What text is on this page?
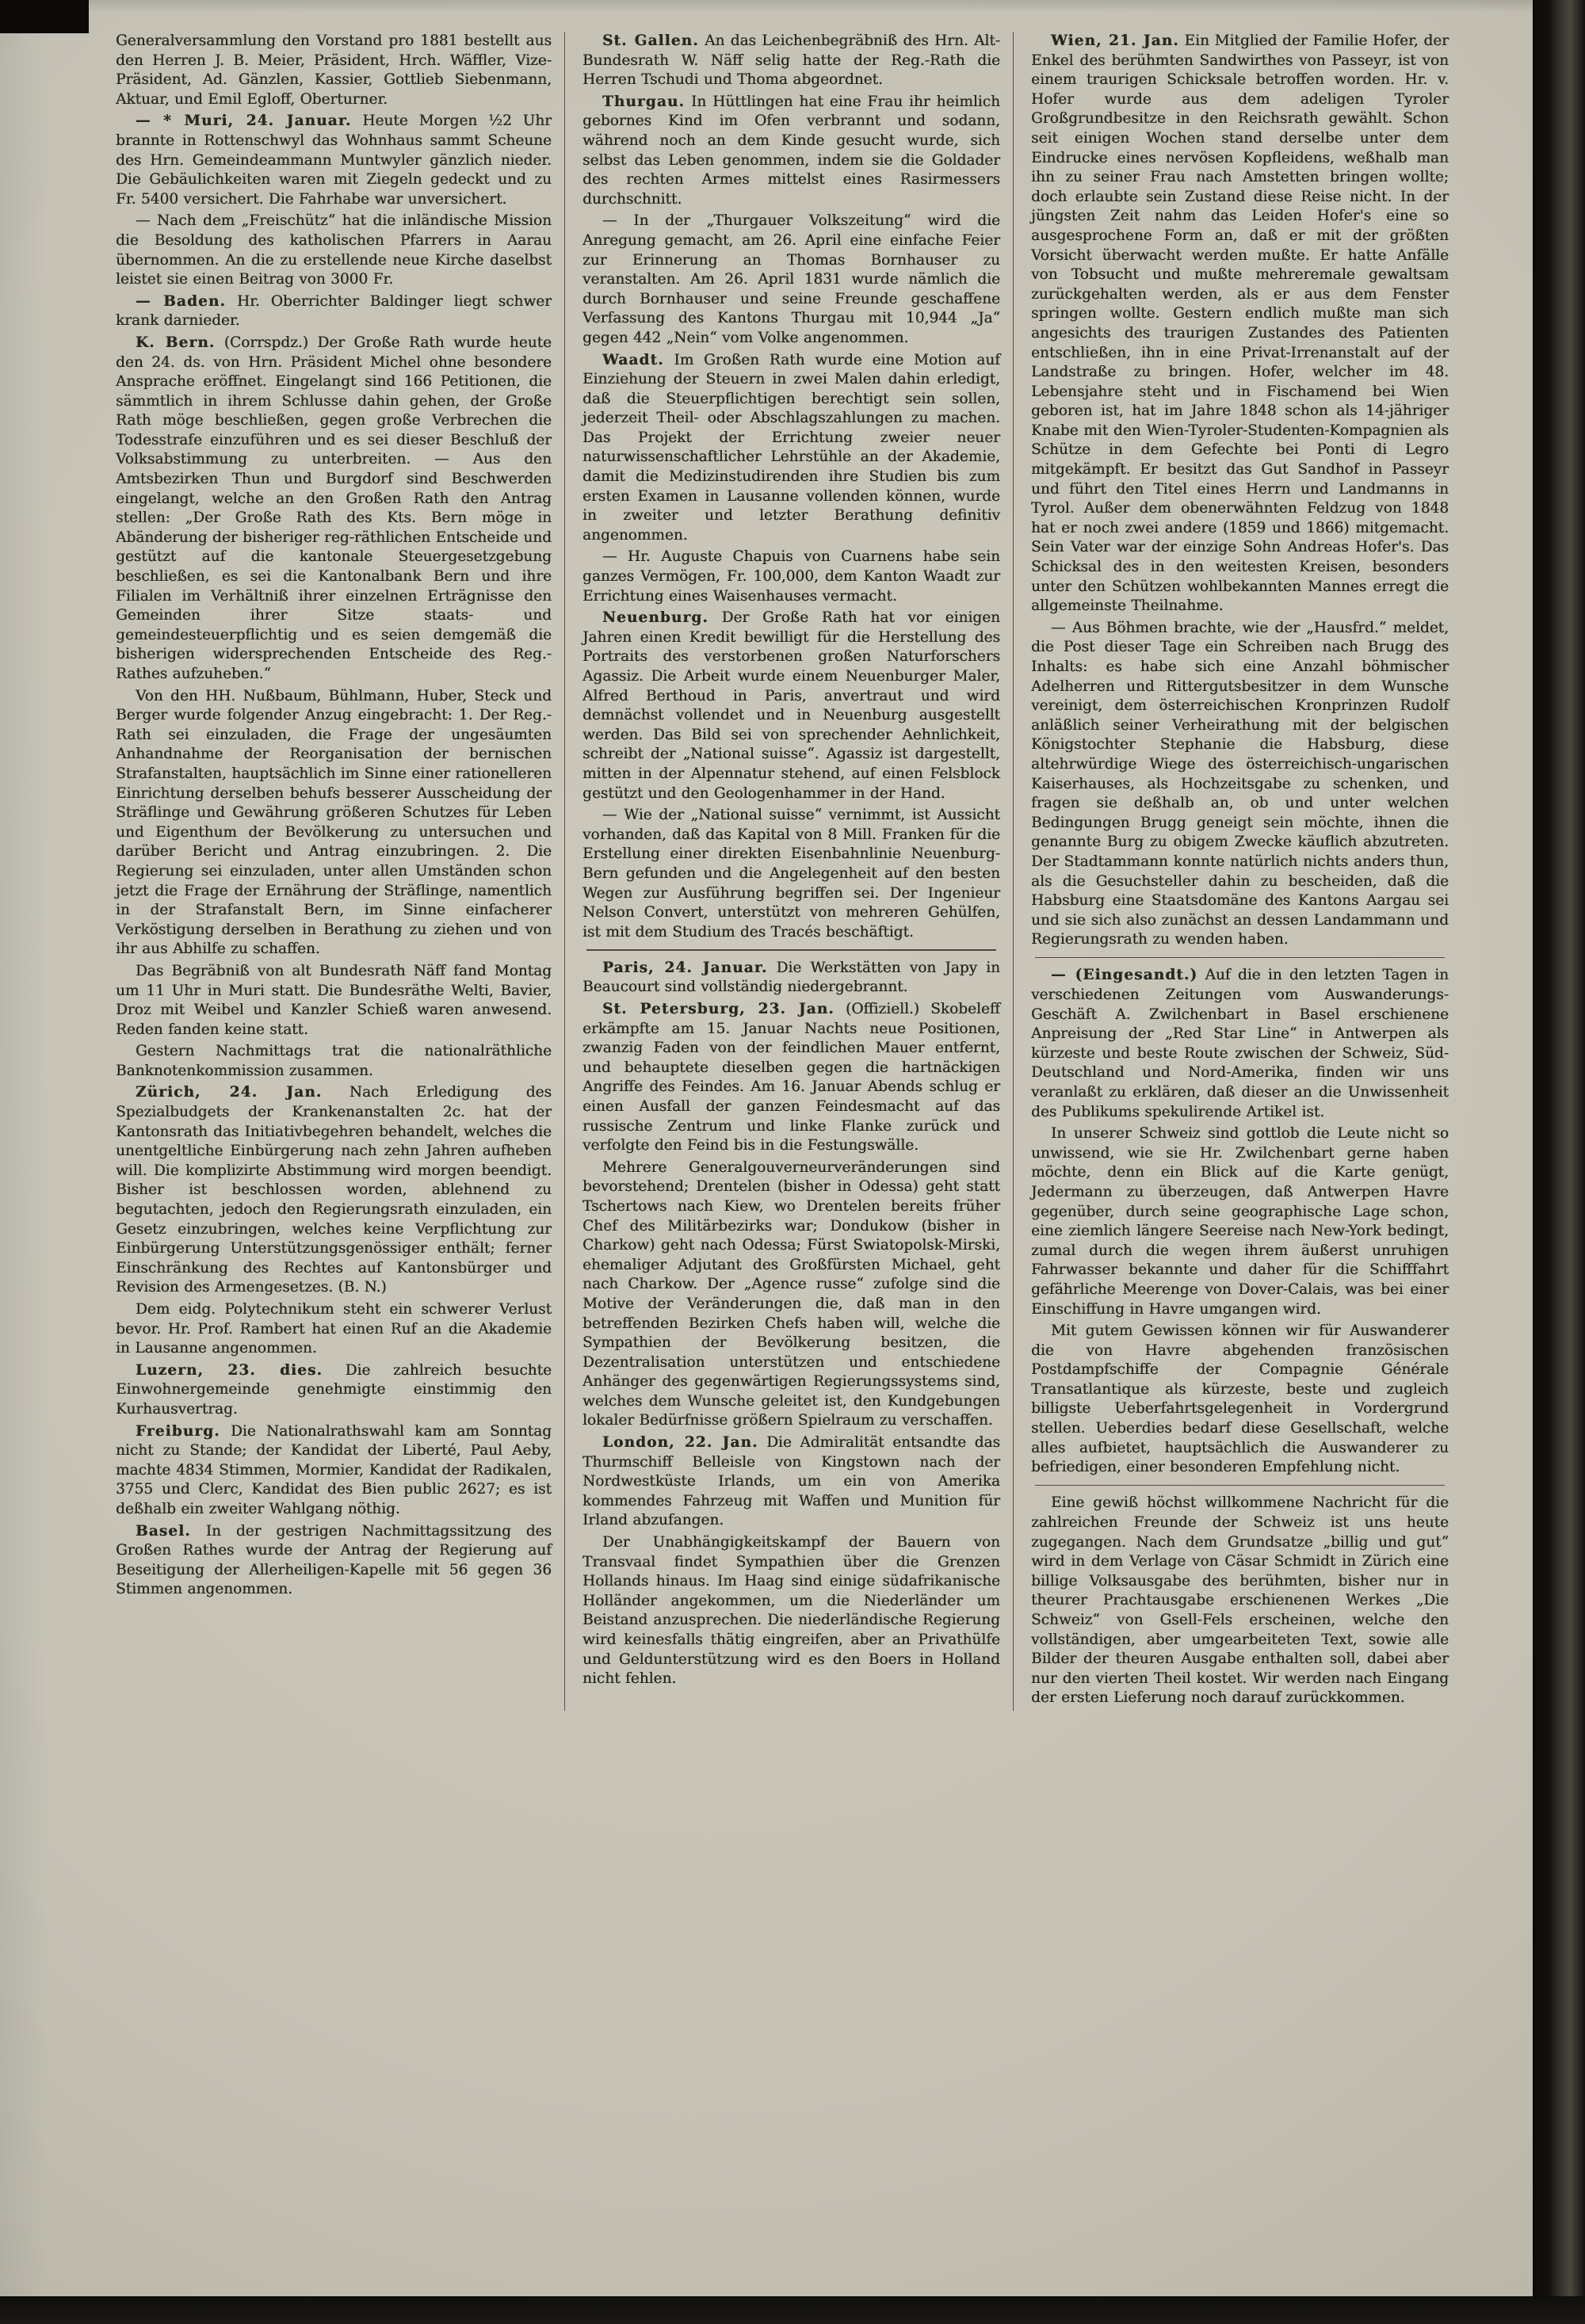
Generalversammlung den Vorstand pro 1881 bestellt aus den Herren J. B. Meier, Präsident, Hrch. Wäffler, Vize-Präsident, Ad. Gänzlen, Kassier, Gottlieb Siebenmann, Aktuar, und Emil Egloff, Oberturner.

— * Muri, 24. Januar. Heute Morgen ½2 Uhr brannte in Rottenschwyl das Wohnhaus sammt Scheune des Hrn. Gemeindeammann Muntwyler gänzlich nieder. Die Gebäulichkeiten waren mit Ziegeln gedeckt und zu Fr. 5400 versichert. Die Fahrhabe war unversichert.

— Nach dem „Freischütz“ hat die inländische Mission die Besoldung des katholischen Pfarrers in Aarau übernommen. An die zu erstellende neue Kirche daselbst leistet sie einen Beitrag von 3000 Fr.

— Baden. Hr. Oberrichter Baldinger liegt schwer krank darnieder.

K. Bern. (Corrspdz.) Der Große Rath wurde heute den 24. ds. von Hrn. Präsident Michel ohne besondere Ansprache eröffnet. Eingelangt sind 166 Petitionen, die sämmtlich in ihrem Schlusse dahin gehen, der Große Rath möge beschließen, gegen große Verbrechen die Todesstrafe einzuführen und es sei dieser Beschluß der Volksabstimmung zu unterbreiten. — Aus den Amtsbezirken Thun und Burgdorf sind Beschwerden eingelangt, welche an den Großen Rath den Antrag stellen: „Der Große Rath des Kts. Bern möge in Abänderung der bisheriger reg-räthlichen Entscheide und gestützt auf die kantonale Steuergesetzgebung beschließen, es sei die Kantonalbank Bern und ihre Filialen im Verhältniß ihrer einzelnen Erträgnisse den Gemeinden ihrer Sitze staats- und gemeindesteuerpflichtig und es seien demgemäß die bisherigen widersprechenden Entscheide des Reg.-Rathes aufzuheben.“

Von den HH. Nußbaum, Bühlmann, Huber, Steck und Berger wurde folgender Anzug eingebracht: 1. Der Reg.-Rath sei einzuladen, die Frage der ungesäumten Anhandnahme der Reorganisation der bernischen Strafanstalten, hauptsächlich im Sinne einer rationelleren Einrichtung derselben behufs besserer Ausscheidung der Sträflinge und Gewährung größeren Schutzes für Leben und Eigenthum der Bevölkerung zu untersuchen und darüber Bericht und Antrag einzubringen. 2. Die Regierung sei einzuladen, unter allen Umständen schon jetzt die Frage der Ernährung der Sträflinge, namentlich in der Strafanstalt Bern, im Sinne einfacherer Verköstigung derselben in Berathung zu ziehen und von ihr aus Abhilfe zu schaffen.

Das Begräbniß von alt Bundesrath Näff fand Montag um 11 Uhr in Muri statt. Die Bundesräthe Welti, Bavier, Droz mit Weibel und Kanzler Schieß waren anwesend. Reden fanden keine statt.

Gestern Nachmittags trat die nationalräthliche Banknotenkommission zusammen.

Zürich, 24. Jan. Nach Erledigung des Spezialbudgets der Krankenanstalten 2c. hat der Kantonsrath das Initiativbegehren behandelt, welches die unentgeltliche Einbürgerung nach zehn Jahren aufheben will. Die komplizirte Abstimmung wird morgen beendigt. Bisher ist beschlossen worden, ablehnend zu begutachten, jedoch den Regierungsrath einzuladen, ein Gesetz einzubringen, welches keine Verpflichtung zur Einbürgerung Unterstützungsgenössiger enthält; ferner Einschränkung des Rechtes auf Kantonsbürger und Revision des Armengesetzes. (B. N.)

Dem eidg. Polytechnikum steht ein schwerer Verlust bevor. Hr. Prof. Rambert hat einen Ruf an die Akademie in Lausanne angenommen.

Luzern, 23. dies. Die zahlreich besuchte Einwohnergemeinde genehmigte einstimmig den Kurhausvertrag.

Freiburg. Die Nationalrathswahl kam am Sonntag nicht zu Stande; der Kandidat der Liberté, Paul Aeby, machte 4834 Stimmen, Mormier, Kandidat der Radikalen, 3755 und Clerc, Kandidat des Bien public 2627; es ist deßhalb ein zweiter Wahlgang nöthig.

Basel. In der gestrigen Nachmittagssitzung des Großen Rathes wurde der Antrag der Regierung auf Beseitigung der Allerheiligen-Kapelle mit 56 gegen 36 Stimmen angenommen.

St. Gallen. An das Leichenbegräbniß des Hrn. Alt-Bundesrath W. Näff selig hatte der Reg.-Rath die Herren Tschudi und Thoma abgeordnet.

Thurgau. In Hüttlingen hat eine Frau ihr heimlich gebornes Kind im Ofen verbrannt und sodann, während noch an dem Kinde gesucht wurde, sich selbst das Leben genommen, indem sie die Goldader des rechten Armes mittelst eines Rasirmessers durchschnitt.

— In der „Thurgauer Volkszeitung“ wird die Anregung gemacht, am 26. April eine einfache Feier zur Erinnerung an Thomas Bornhauser zu veranstalten. Am 26. April 1831 wurde nämlich die durch Bornhauser und seine Freunde geschaffene Verfassung des Kantons Thurgau mit 10,944 „Ja“ gegen 442 „Nein“ vom Volke angenommen.

Waadt. Im Großen Rath wurde eine Motion auf Einziehung der Steuern in zwei Malen dahin erledigt, daß die Steuerpflichtigen berechtigt sein sollen, jederzeit Theil- oder Abschlagszahlungen zu machen. Das Projekt der Errichtung zweier neuer naturwissenschaftlicher Lehrstühle an der Akademie, damit die Medizinstudirenden ihre Studien bis zum ersten Examen in Lausanne vollenden können, wurde in zweiter und letzter Berathung definitiv angenommen.

— Hr. Auguste Chapuis von Cuarnens habe sein ganzes Vermögen, Fr. 100,000, dem Kanton Waadt zur Errichtung eines Waisenhauses vermacht.

Neuenburg. Der Große Rath hat vor einigen Jahren einen Kredit bewilligt für die Herstellung des Portraits des verstorbenen großen Naturforschers Agassiz. Die Arbeit wurde einem Neuenburger Maler, Alfred Berthoud in Paris, anvertraut und wird demnächst vollendet und in Neuenburg ausgestellt werden. Das Bild sei von sprechender Aehnlichkeit, schreibt der „National suisse“. Agassiz ist dargestellt, mitten in der Alpennatur stehend, auf einen Felsblock gestützt und den Geologenhammer in der Hand.

— Wie der „National suisse“ vernimmt, ist Aussicht vorhanden, daß das Kapital von 8 Mill. Franken für die Erstellung einer direkten Eisenbahnlinie Neuenburg-Bern gefunden und die Angelegenheit auf den besten Wegen zur Ausführung begriffen sei. Der Ingenieur Nelson Convert, unterstützt von mehreren Gehülfen, ist mit dem Studium des Tracés beschäftigt.

Paris, 24. Januar. Die Werkstätten von Japy in Beaucourt sind vollständig niedergebrannt.

St. Petersburg, 23. Jan. (Offiziell.) Skobeleff erkämpfte am 15. Januar Nachts neue Positionen, zwanzig Faden von der feindlichen Mauer entfernt, und behauptete dieselben gegen die hartnäckigen Angriffe des Feindes. Am 16. Januar Abends schlug er einen Ausfall der ganzen Feindesmacht auf das russische Zentrum und linke Flanke zurück und verfolgte den Feind bis in die Festungswälle.

Mehrere Generalgouverneurveränderungen sind bevorstehend; Drentelen (bisher in Odessa) geht statt Tschertows nach Kiew, wo Drentelen bereits früher Chef des Militärbezirks war; Dondukow (bisher in Charkow) geht nach Odessa; Fürst Swiatopolsk-Mirski, ehemaliger Adjutant des Großfürsten Michael, geht nach Charkow. Der „Agence russe“ zufolge sind die Motive der Veränderungen die, daß man in den betreffenden Bezirken Chefs haben will, welche die Sympathien der Bevölkerung besitzen, die Dezentralisation unterstützen und entschiedene Anhänger des gegenwärtigen Regierungssystems sind, welches dem Wunsche geleitet ist, den Kundgebungen lokaler Bedürfnisse größern Spielraum zu verschaffen.

London, 22. Jan. Die Admiralität entsandte das Thurmschiff Belleisle von Kingstown nach der Nordwestküste Irlands, um ein von Amerika kommendes Fahrzeug mit Waffen und Munition für Irland abzufangen.

Der Unabhängigkeitskampf der Bauern von Transvaal findet Sympathien über die Grenzen Hollands hinaus. Im Haag sind einige südafrikanische Holländer angekommen, um die Niederländer um Beistand anzusprechen. Die niederländische Regierung wird keinesfalls thätig eingreifen, aber an Privathülfe und Geldunterstützung wird es den Boers in Holland nicht fehlen.

Wien, 21. Jan. Ein Mitglied der Familie Hofer, der Enkel des berühmten Sandwirthes von Passeyr, ist von einem traurigen Schicksale betroffen worden. Hr. v. Hofer wurde aus dem adeligen Tyroler Großgrundbesitze in den Reichsrath gewählt. Schon seit einigen Wochen stand derselbe unter dem Eindrucke eines nervösen Kopfleidens, weßhalb man ihn zu seiner Frau nach Amstetten bringen wollte; doch erlaubte sein Zustand diese Reise nicht. In der jüngsten Zeit nahm das Leiden Hofer's eine so ausgesprochene Form an, daß er mit der größten Vorsicht überwacht werden mußte. Er hatte Anfälle von Tobsucht und mußte mehreremale gewaltsam zurückgehalten werden, als er aus dem Fenster springen wollte. Gestern endlich mußte man sich angesichts des traurigen Zustandes des Patienten entschließen, ihn in eine Privat-Irrenanstalt auf der Landstraße zu bringen. Hofer, welcher im 48. Lebensjahre steht und in Fischamend bei Wien geboren ist, hat im Jahre 1848 schon als 14-jähriger Knabe mit den Wien-Tyroler-Studenten-Kompagnien als Schütze in dem Gefechte bei Ponti di Legro mitgekämpft. Er besitzt das Gut Sandhof in Passeyr und führt den Titel eines Herrn und Landmanns in Tyrol. Außer dem obenerwähnten Feldzug von 1848 hat er noch zwei andere (1859 und 1866) mitgemacht. Sein Vater war der einzige Sohn Andreas Hofer's. Das Schicksal des in den weitesten Kreisen, besonders unter den Schützen wohlbekannten Mannes erregt die allgemeinste Theilnahme.

— Aus Böhmen brachte, wie der „Hausfrd.“ meldet, die Post dieser Tage ein Schreiben nach Brugg des Inhalts: es habe sich eine Anzahl böhmischer Adelherren und Rittergutsbesitzer in dem Wunsche vereinigt, dem österreichischen Kronprinzen Rudolf anläßlich seiner Verheirathung mit der belgischen Königstochter Stephanie die Habsburg, diese altehrwürdige Wiege des österreichisch-ungarischen Kaiserhauses, als Hochzeitsgabe zu schenken, und fragen sie deßhalb an, ob und unter welchen Bedingungen Brugg geneigt sein möchte, ihnen die genannte Burg zu obigem Zwecke käuflich abzutreten. Der Stadtammann konnte natürlich nichts anders thun, als die Gesuchsteller dahin zu bescheiden, daß die Habsburg eine Staatsdomäne des Kantons Aargau sei und sie sich also zunächst an dessen Landammann und Regierungsrath zu wenden haben.

— (Eingesandt.) Auf die in den letzten Tagen in verschiedenen Zeitungen vom Auswanderungs-Geschäft A. Zwilchenbart in Basel erschienene Anpreisung der „Red Star Line“ in Antwerpen als kürzeste und beste Route zwischen der Schweiz, Süd-Deutschland und Nord-Amerika, finden wir uns veranlaßt zu erklären, daß dieser an die Unwissenheit des Publikums spekulirende Artikel ist.

In unserer Schweiz sind gottlob die Leute nicht so unwissend, wie sie Hr. Zwilchenbart gerne haben möchte, denn ein Blick auf die Karte genügt, Jedermann zu überzeugen, daß Antwerpen Havre gegenüber, durch seine geographische Lage schon, eine ziemlich längere Seereise nach New-York bedingt, zumal durch die wegen ihrem äußerst unruhigen Fahrwasser bekannte und daher für die Schifffahrt gefährliche Meerenge von Dover-Calais, was bei einer Einschiffung in Havre umgangen wird.

Mit gutem Gewissen können wir für Auswanderer die von Havre abgehenden französischen Postdampfschiffe der Compagnie Générale Transatlantique als kürzeste, beste und zugleich billigste Ueberfahrtsgelegenheit in Vordergrund stellen. Ueberdies bedarf diese Gesellschaft, welche alles aufbietet, hauptsächlich die Auswanderer zu befriedigen, einer besonderen Empfehlung nicht.

Eine gewiß höchst willkommene Nachricht für die zahlreichen Freunde der Schweiz ist uns heute zugegangen. Nach dem Grundsatze „billig und gut“ wird in dem Verlage von Cäsar Schmidt in Zürich eine billige Volksausgabe des berühmten, bisher nur in theurer Prachtausgabe erschienenen Werkes „Die Schweiz“ von Gsell-Fels erscheinen, welche den vollständigen, aber umgearbeiteten Text, sowie alle Bilder der theuren Ausgabe enthalten soll, dabei aber nur den vierten Theil kostet. Wir werden nach Eingang der ersten Lieferung noch darauf zurückkommen.
